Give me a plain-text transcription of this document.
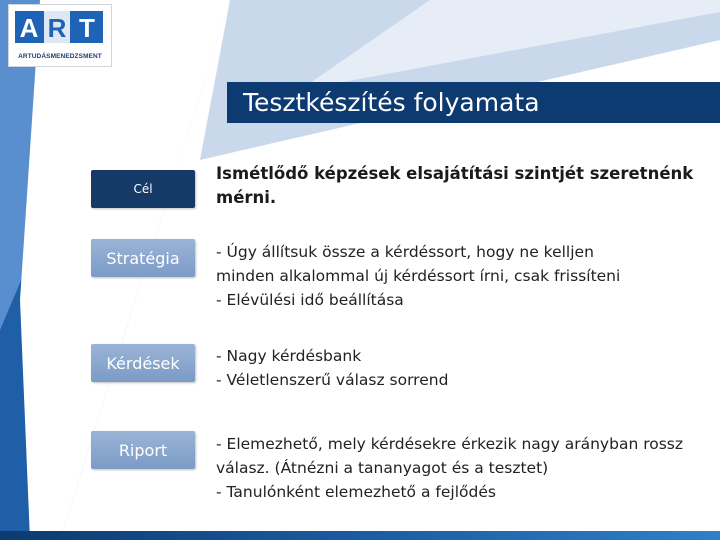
A R T
ARTUDÁSMENEDZSMENT
Tesztkészítés folyamata
Cél
Ismétlődő képzések elsajátítási szintjét szeretnénk
mérni.
Stratégia	- Úgy állítsuk össze a kérdéssort, hogy ne kelljen
minden alkalommal új kérdéssort írni, csak frissíteni
- Elévülési idő beállítása
Kérdések	- Nagy kérdésbank
- Véletlenszerű válasz sorrend
Riport	- Elemezhető, mely kérdésekre érkezik nagy arányban rossz
válasz. (Átnézni a tananyagot és a tesztet)
- Tanulónként elemezhető a fejlődés
